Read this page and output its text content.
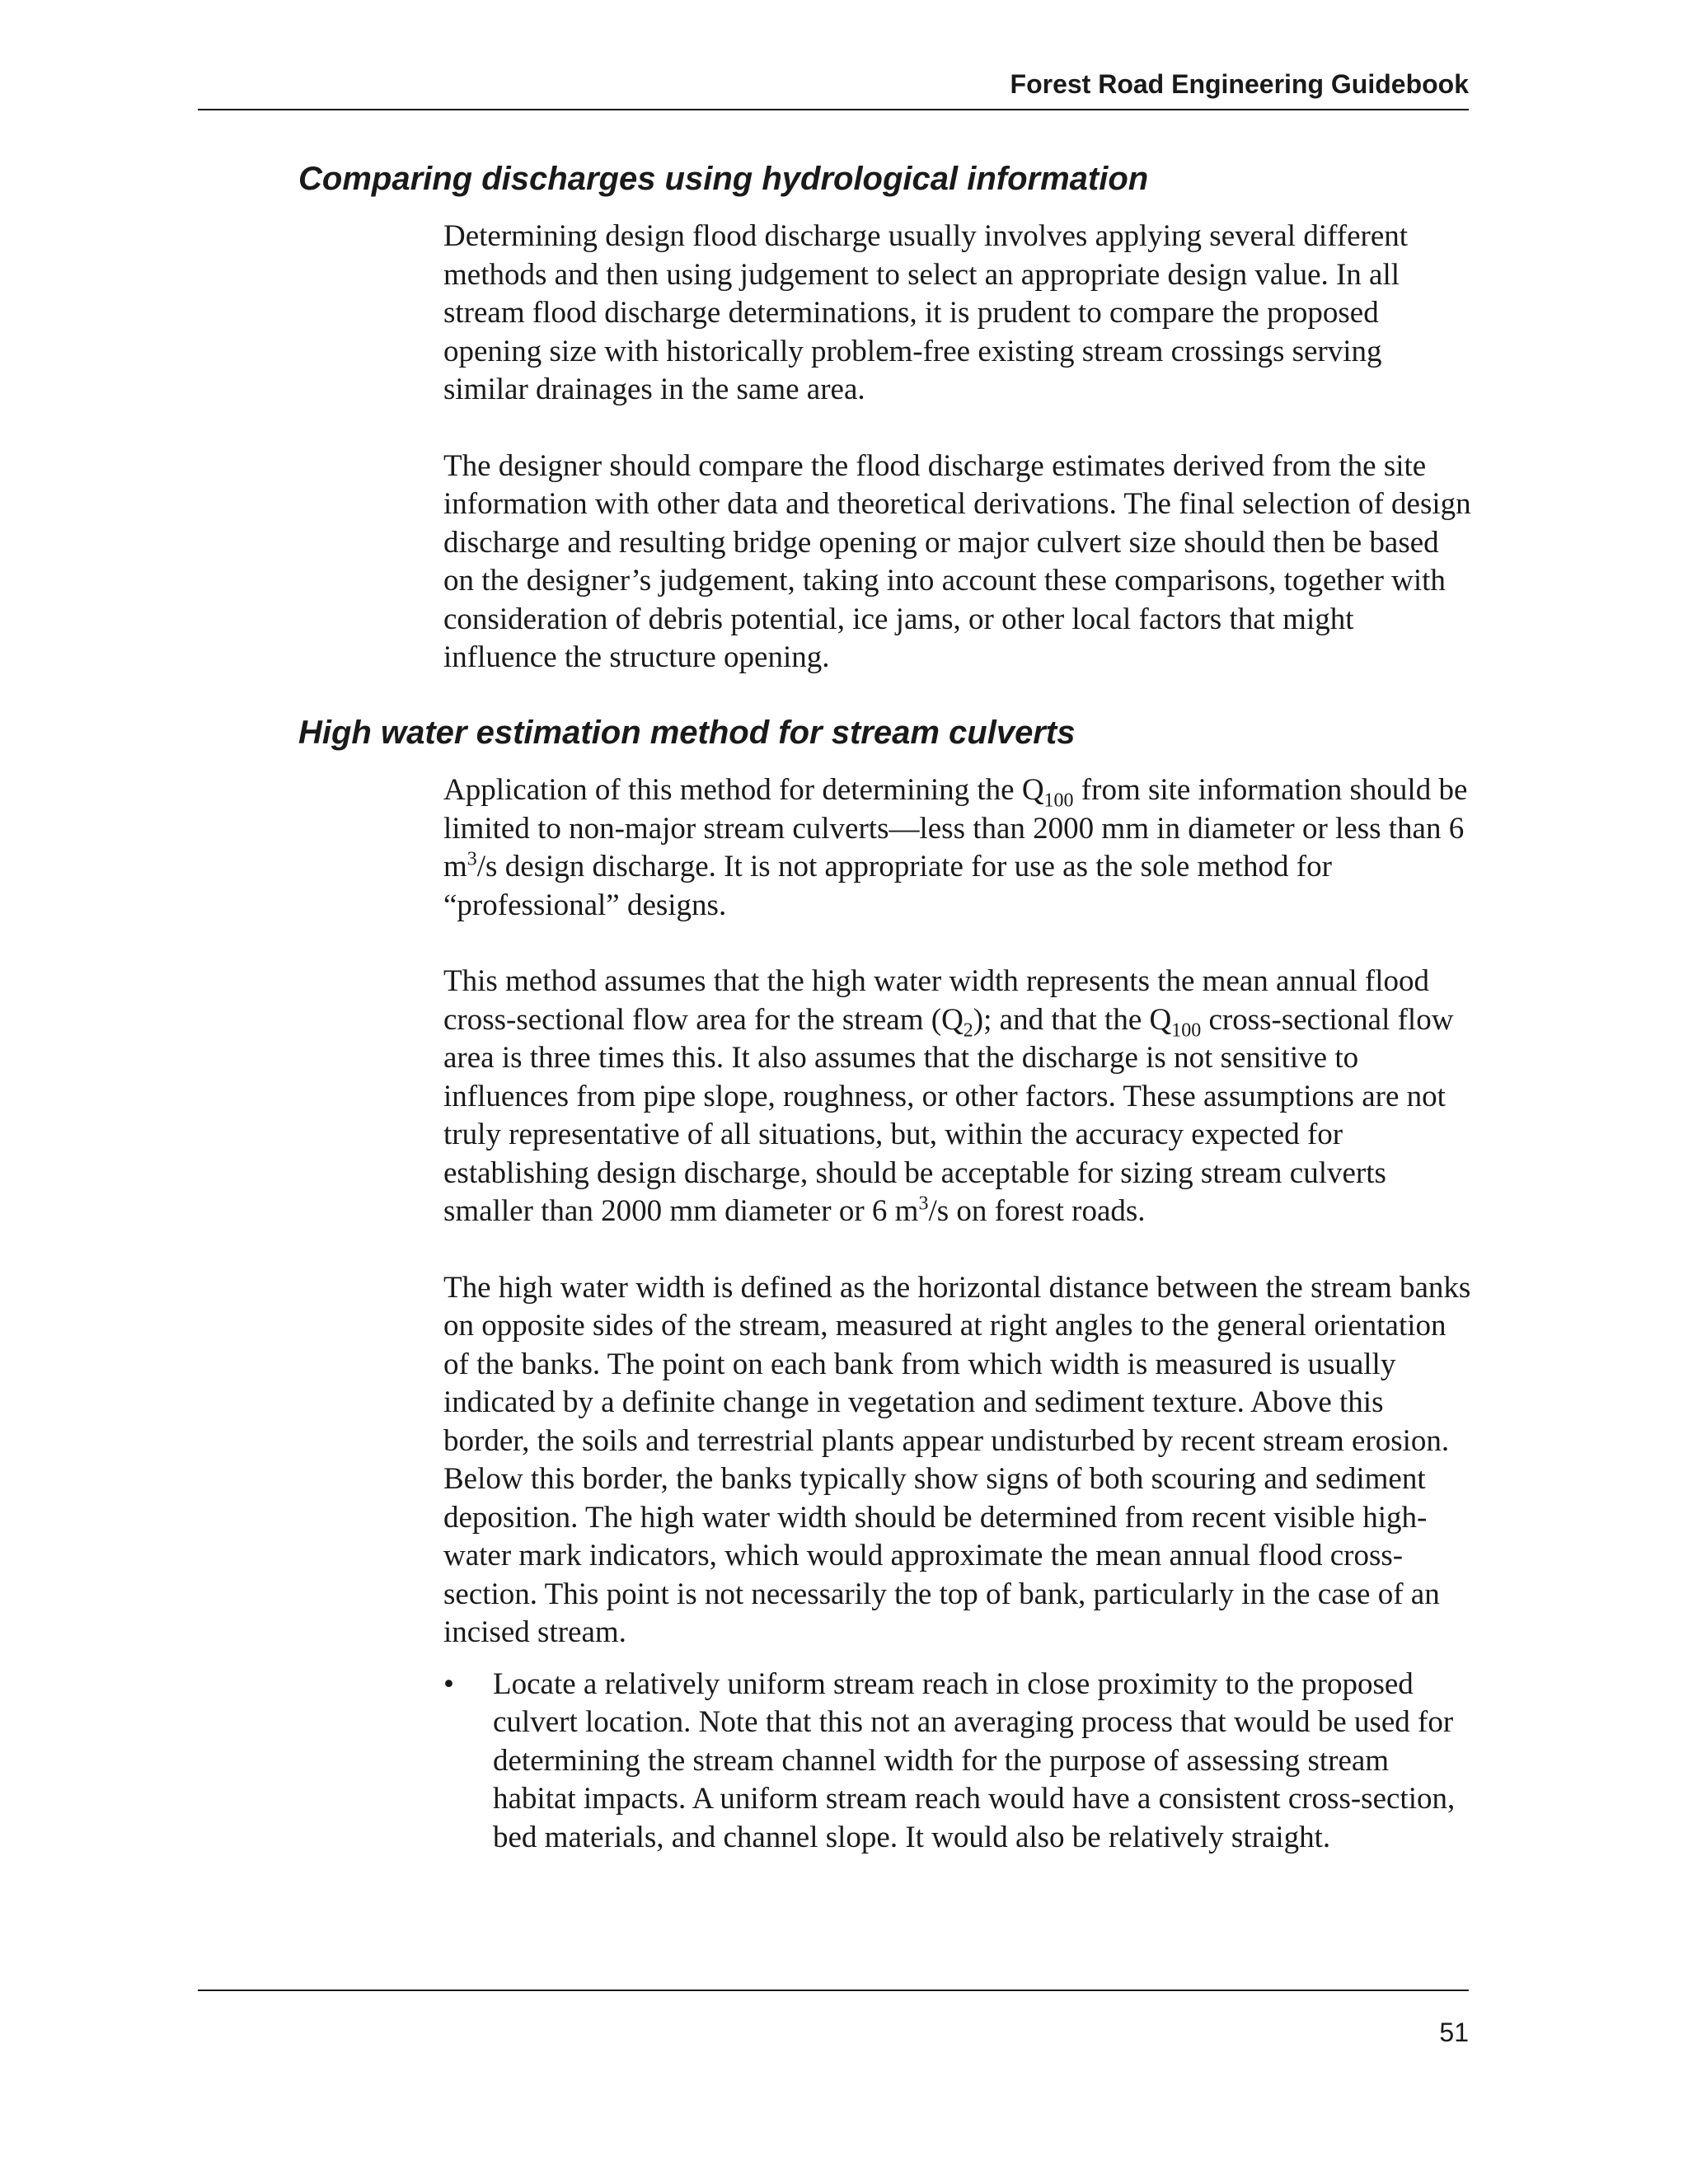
Forest Road Engineering Guidebook
Comparing discharges using hydrological information

Determining design flood discharge usually involves applying several different methods and then using judgement to select an appropriate design value. In all stream flood discharge determinations, it is prudent to compare the proposed opening size with historically problem-free existing stream crossings serving similar drainages in the same area.

The designer should compare the flood discharge estimates derived from the site information with other data and theoretical derivations. The final selection of design discharge and resulting bridge opening or major culvert size should then be based on the designer’s judgement, taking into account these comparisons, together with consideration of debris potential, ice jams, or other local factors that might influence the structure opening.

High water estimation method for stream culverts

Application of this method for determining the $Q_{100}$ from site information should be limited to non-major stream culverts—less than 2000 mm in diameter or less than 6 $m^3/s$ design discharge. It is not appropriate for use as the sole method for “professional” designs.

This method assumes that the high water width represents the mean annual flood cross-sectional flow area for the stream $(Q_2)$; and that the $Q_{100}$ cross-sectional flow area is three times this. It also assumes that the discharge is not sensitive to influences from pipe slope, roughness, or other factors. These assumptions are not truly representative of all situations, but, within the accuracy expected for establishing design discharge, should be acceptable for sizing stream culverts smaller than 2000 mm diameter or 6 $m^3/s$ on forest roads.

The high water width is defined as the horizontal distance between the stream banks on opposite sides of the stream, measured at right angles to the general orientation of the banks. The point on each bank from which width is measured is usually indicated by a definite change in vegetation and sediment texture. Above this border, the soils and terrestrial plants appear undisturbed by recent stream erosion. Below this border, the banks typically show signs of both scouring and sediment deposition. The high water width should be determined from recent visible high-water mark indicators, which would approximate the mean annual flood cross-section. This point is not necessarily the top of bank, particularly in the case of an incised stream.

• Locate a relatively uniform stream reach in close proximity to the proposed culvert location. Note that this not an averaging process that would be used for determining the stream channel width for the purpose of assessing stream habitat impacts. A uniform stream reach would have a consistent cross-section, bed materials, and channel slope. It would also be relatively straight.
51
